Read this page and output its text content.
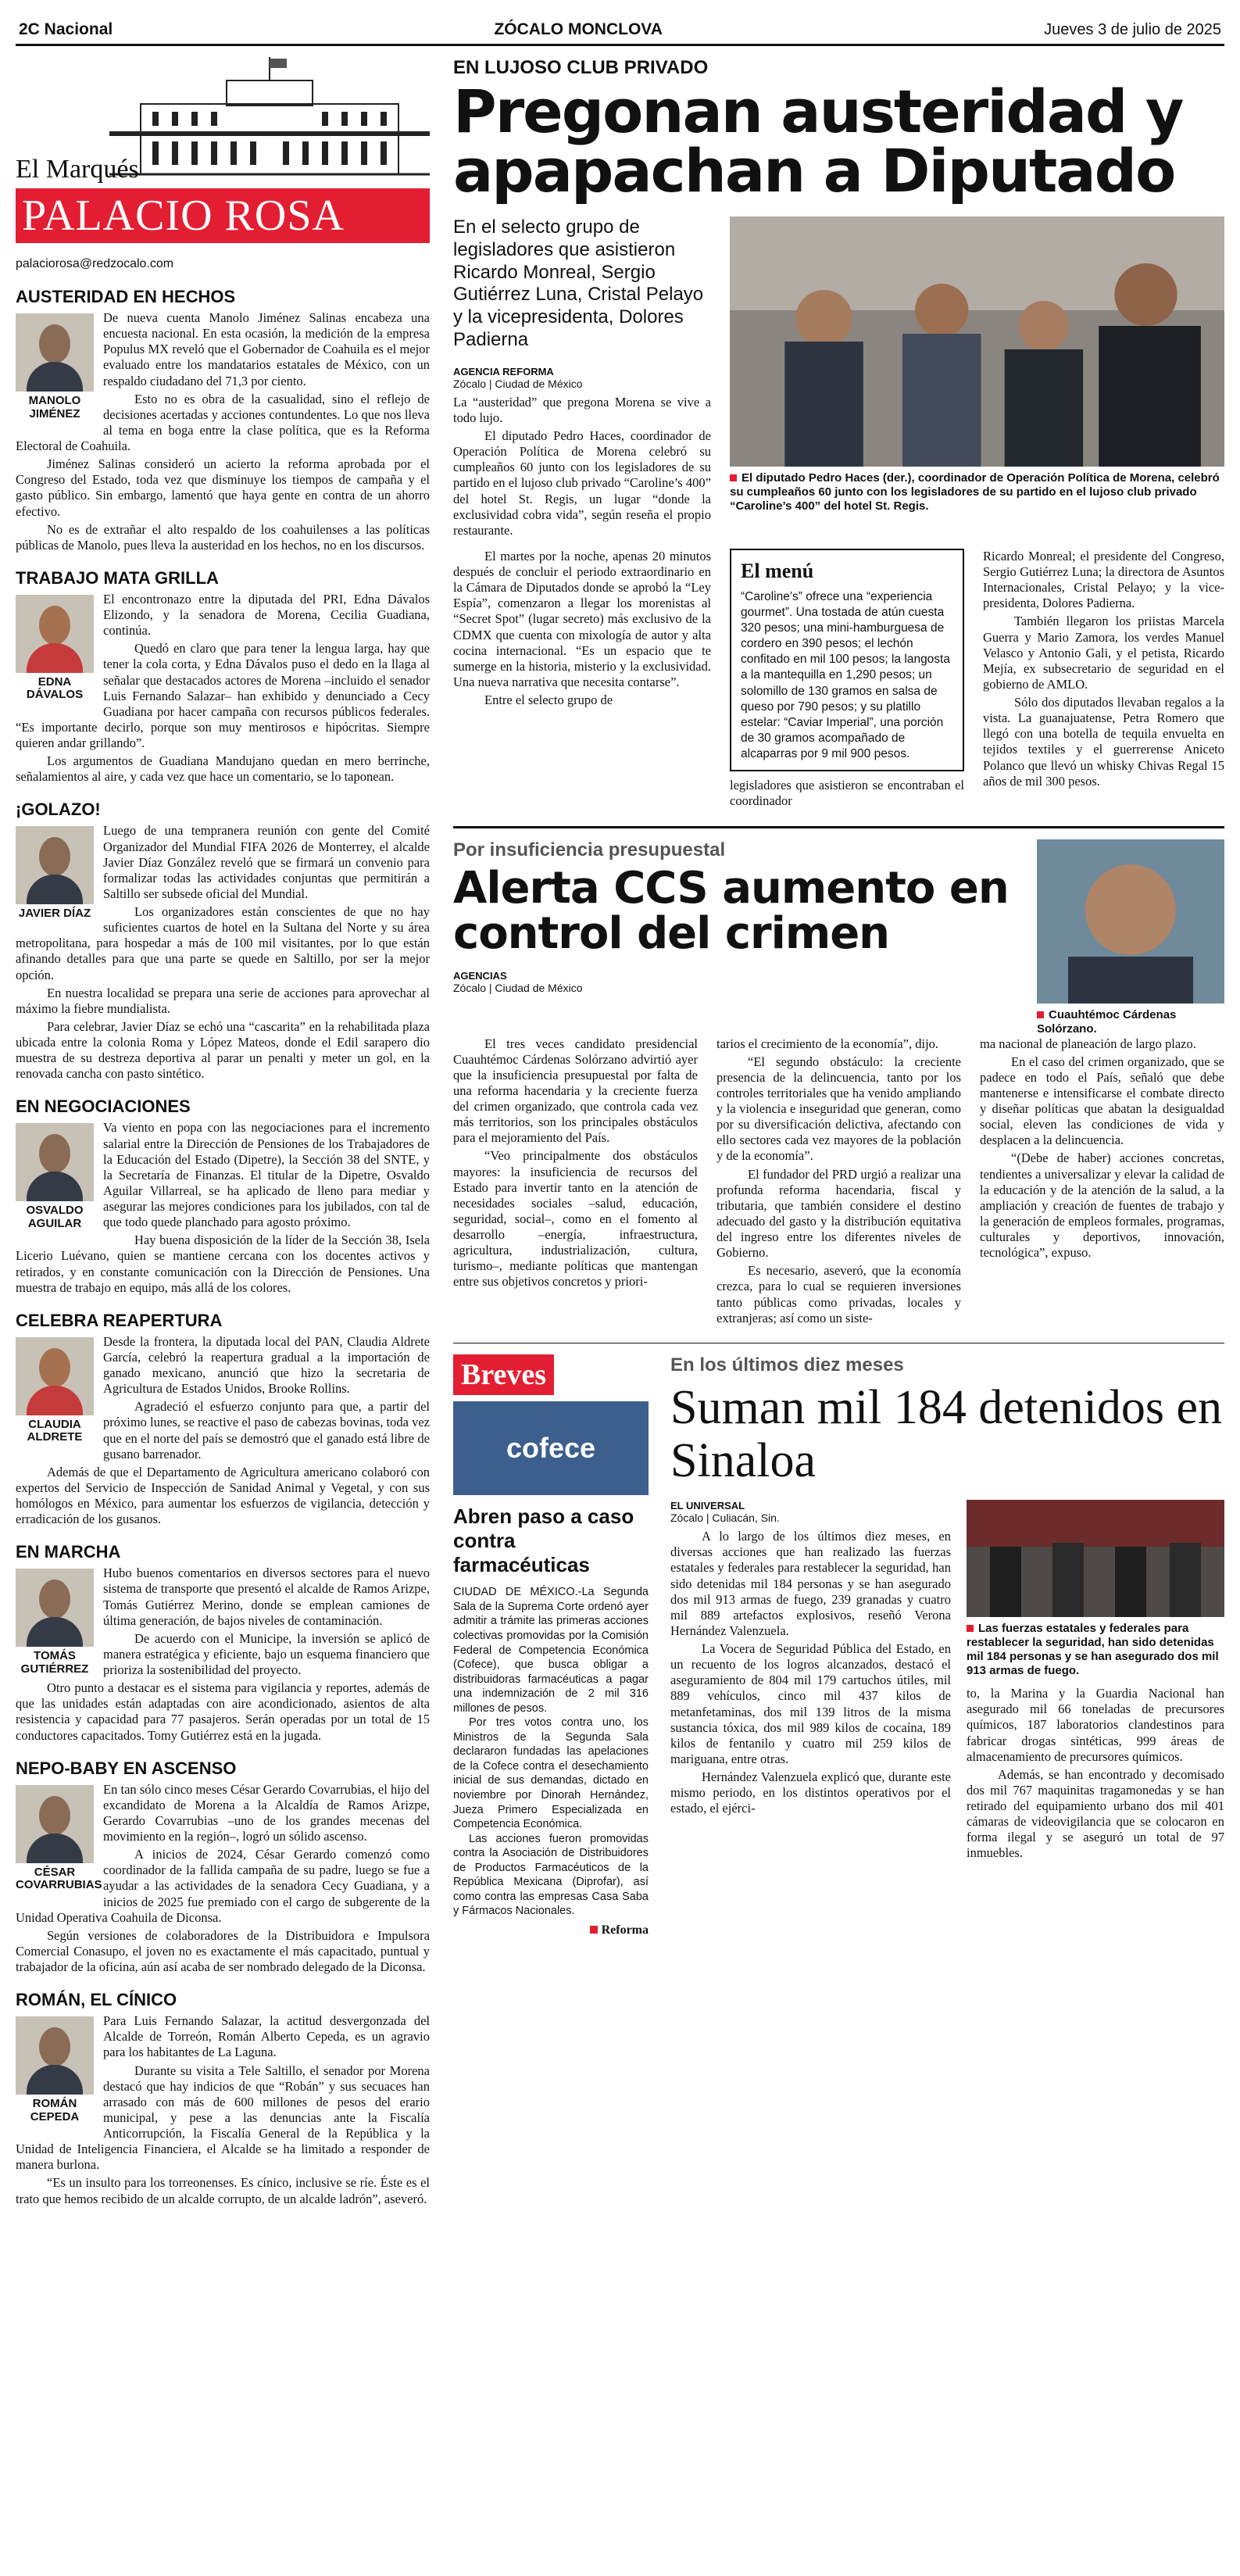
2C Nacional	ZÓCALO MONCLOVA	Jueves 3 de julio de 2025
El Marqués
PALACIO ROSA
palaciorosa@redzocalo.com
AUSTERIDAD EN HECHOS
MANOLO JIMÉNEZ

De nueva cuenta Manolo Jiménez Salinas encabeza una encuesta nacional. En esta ocasión, la medición de la empresa Populus MX reveló que el Gobernador de Coahuila es el mejor evaluado entre los mandatarios estatales de México, con un respaldo ciudadano del 71,3 por ciento.

Esto no es obra de la casualidad, sino el reflejo de decisiones acertadas y acciones contundentes. Lo que nos lleva al tema en boga entre la clase política, que es la Reforma Electoral de Coahuila.

Jiménez Salinas consideró un acierto la reforma aprobada por el Congreso del Estado, toda vez que disminuye los tiempos de campaña y el gasto público. Sin embargo, lamentó que haya gente en contra de un ahorro efectivo.

No es de extrañar el alto respaldo de los coahuilenses a las políticas públicas de Manolo, pues lleva la austeridad en los hechos, no en los discursos.

TRABAJO MATA GRILLA
EDNA DÁVALOS

El encontronazo entre la diputada del PRI, Edna Dávalos Elizondo, y la senadora de Morena, Cecilia Guadiana, continúa.

Quedó en claro que para tener la lengua larga, hay que tener la cola corta, y Edna Dávalos puso el dedo en la llaga al señalar que destacados actores de Morena –incluido el senador Luis Fernando Salazar– han exhibido y denunciado a Cecy Guadiana por hacer campaña con recursos públicos federales. “Es importante decirlo, porque son muy mentirosos e hipócritas. Siempre quieren andar grillando”.

Los argumentos de Guadiana Mandujano quedan en mero berrinche, señalamientos al aire, y cada vez que hace un comentario, se lo taponean.

¡GOLAZO!
JAVIER DÍAZ

Luego de una tempranera reunión con gente del Comité Organizador del Mundial FIFA 2026 de Monterrey, el alcalde Javier Díaz González reveló que se firmará un convenio para formalizar todas las actividades conjuntas que permitirán a Saltillo ser subsede oficial del Mundial.

Los organizadores están conscientes de que no hay suficientes cuartos de hotel en la Sultana del Norte y su área metropolitana, para hospedar a más de 100 mil visitantes, por lo que están afinando detalles para que una parte se quede en Saltillo, por ser la mejor opción.

En nuestra localidad se prepara una serie de acciones para aprovechar al máximo la fiebre mundialista.

Para celebrar, Javier Díaz se echó una “cascarita” en la rehabilitada plaza ubicada entre la colonia Roma y López Mateos, donde el Edil sarapero dio muestra de su destreza deportiva al parar un penalti y meter un gol, en la renovada cancha con pasto sintético.

EN NEGOCIACIONES
OSVALDO AGUILAR

Va viento en popa con las negociaciones para el incremento salarial entre la Dirección de Pensiones de los Trabajadores de la Educación del Estado (Dipetre), la Sección 38 del SNTE, y la Secretaría de Finanzas. El titular de la Dipetre, Osvaldo Aguilar Villarreal, se ha aplicado de lleno para mediar y asegurar las mejores condiciones para los jubilados, con tal de que todo quede planchado para agosto próximo.

Hay buena disposición de la líder de la Sección 38, Isela Licerio Luévano, quien se mantiene cercana con los docentes activos y retirados, y en constante comunicación con la Dirección de Pensiones. Una muestra de trabajo en equipo, más allá de los colores.

CELEBRA REAPERTURA
CLAUDIA ALDRETE

Desde la frontera, la diputada local del PAN, Claudia Aldrete García, celebró la reapertura gradual a la importación de ganado mexicano, anunció que hizo la secretaria de Agricultura de Estados Unidos, Brooke Rollins.

Agradeció el esfuerzo conjunto para que, a partir del próximo lunes, se reactive el paso de cabezas bovinas, toda vez que en el norte del país se demostró que el ganado está libre de gusano barrenador.

Además de que el Departamento de Agricultura americano colaboró con expertos del Servicio de Inspección de Sanidad Animal y Vegetal, y con sus homólogos en México, para aumentar los esfuerzos de vigilancia, detección y erradicación de los gusanos.

EN MARCHA
TOMÁS GUTIÉRREZ

Hubo buenos comentarios en diversos sectores para el nuevo sistema de transporte que presentó el alcalde de Ramos Arizpe, Tomás Gutiérrez Merino, donde se emplean camiones de última generación, de bajos niveles de contaminación.

De acuerdo con el Municipe, la inversión se aplicó de manera estratégica y eficiente, bajo un esquema financiero que prioriza la sostenibilidad del proyecto.

Otro punto a destacar es el sistema para vigilancia y reportes, además de que las unidades están adaptadas con aire acondicionado, asientos de alta resistencia y capacidad para 77 pasajeros. Serán operadas por un total de 15 conductores capacitados. Tomy Gutiérrez está en la jugada.

NEPO-BABY EN ASCENSO
CÉSAR COVARRUBIAS

En tan sólo cinco meses César Gerardo Covarrubias, el hijo del excandidato de Morena a la Alcaldía de Ramos Arizpe, Gerardo Covarrubias –uno de los grandes mecenas del movimiento en la región–, logró un sólido ascenso.

A inicios de 2024, César Gerardo comenzó como coordinador de la fallida campaña de su padre, luego se fue a ayudar a las actividades de la senadora Cecy Guadiana, y a inicios de 2025 fue premiado con el cargo de subgerente de la Unidad Operativa Coahuila de Diconsa.

Según versiones de colaboradores de la Distribuidora e Impulsora Comercial Conasupo, el joven no es exactamente el más capacitado, puntual y trabajador de la oficina, aún así acaba de ser nombrado delegado de la Diconsa.

ROMÁN, EL CÍNICO
ROMÁN CEPEDA

Para Luis Fernando Salazar, la actitud desvergonzada del Alcalde de Torreón, Román Alberto Cepeda, es un agravio para los habitantes de La Laguna.

Durante su visita a Tele Saltillo, el senador por Morena destacó que hay indicios de que “Robán” y sus secuaces han arrasado con más de 600 millones de pesos del erario municipal, y pese a las denuncias ante la Fiscalía Anticorrupción, la Fiscalía General de la República y la Unidad de Inteligencia Financiera, el Alcalde se ha limitado a responder de manera burlona.

“Es un insulto para los torreonenses. Es cínico, inclusive se ríe. Éste es el trato que hemos recibido de un alcalde corrupto, de un alcalde ladrón”, aseveró.

EN LUJOSO CLUB PRIVADO
Pregonan austeridad y apapachan a Diputado
En el selecto grupo de legisladores que asistieron Ricardo Monreal, Sergio Gutiérrez Luna, Cristal Pelayo y la vicepresidenta, Dolores Padierna
AGENCIA REFORMA
Zócalo | Ciudad de México

La “austeridad” que pregona Morena se vive a todo lujo.

El diputado Pedro Haces, coordinador de Operación Política de Morena celebró su cumpleaños 60 junto con los legisladores de su partido en el lujoso club privado “Caroline’s 400” del hotel St. Regis, un lugar “donde la exclusividad cobra vida”, según reseña el propio restaurante.

El diputado Pedro Haces (der.), coordinador de Operación Política de Morena, celebró su cumpleaños 60 junto con los legisladores de su partido en el lujoso club privado “Caroline’s 400” del hotel St. Regis.

El martes por la noche, apenas 20 minutos después de concluir el periodo extraordinario en la Cámara de Diputados donde se aprobó la “Ley Espía”, comenzaron a llegar los morenistas al “Secret Spot” (lugar secreto) más exclusivo de la CDMX que cuenta con mixología de autor y alta cocina internacional. “Es un espacio que te sumerge en la historia, misterio y la exclusividad. Una nueva narrativa que necesita contarse”.

Entre el selecto grupo de

El menú
“Caroline’s” ofrece una “experiencia gourmet”. Una tostada de atún cuesta 320 pesos; una mini-hamburguesa de cordero en 390 pesos; el lechón confitado en mil 100 pesos; la langosta a la mantequilla en 1,290 pesos; un solomillo de 130 gramos en salsa de queso por 790 pesos; y su platillo estelar: “Caviar Imperial”, una porción de 30 gramos acompañado de alcaparras por 9 mil 900 pesos.

legisladores que asistieron se encontraban el coordinador

Ricardo Monreal; el presidente del Congreso, Sergio Gutiérrez Luna; la directora de Asuntos Internacionales, Cristal Pelayo; y la vice-presidenta, Dolores Padierna.

También llegaron los priistas Marcela Guerra y Mario Zamora, los verdes Manuel Velasco y Antonio Gali, y el petista, Ricardo Mejía, ex subsecretario de seguridad en el gobierno de AMLO.

Sólo dos diputados llevaban regalos a la vista. La guanajuatense, Petra Romero que llegó con una botella de tequila envuelta en tejidos textiles y el guerrerense Aniceto Polanco que llevó un whisky Chivas Regal 15 años de mil 300 pesos.

Por insuficiencia presupuestal
Alerta CCS aumento en control del crimen
AGENCIAS
Zócalo | Ciudad de México
Cuauhtémoc Cárdenas Solórzano.

El tres veces candidato presidencial Cuauhtémoc Cárdenas Solórzano advirtió ayer que la insuficiencia presupuestal por falta de una reforma hacendaria y la creciente fuerza del crimen organizado, que controla cada vez más territorios, son los principales obstáculos para el mejoramiento del País.

“Veo principalmente dos obstáculos mayores: la insuficiencia de recursos del Estado para invertir tanto en la atención de necesidades sociales –salud, educación, seguridad, social–, como en el fomento al desarrollo –energía, infraestructura, agricultura, industrialización, cultura, turismo–, mediante políticas que mantengan entre sus objetivos concretos y priori-

tarios el crecimiento de la economía”, dijo.

“El segundo obstáculo: la creciente presencia de la delincuencia, tanto por los controles territoriales que ha venido ampliando y la violencia e inseguridad que generan, como por su diversificación delictiva, afectando con ello sectores cada vez mayores de la población y de la economía”.

El fundador del PRD urgió a realizar una profunda reforma hacendaria, fiscal y tributaria, que también considere el destino adecuado del gasto y la distribución equitativa del ingreso entre los diferentes niveles de Gobierno.

Es necesario, aseveró, que la economía crezca, para lo cual se requieren inversiones tanto públicas como privadas, locales y extranjeras; así como un siste-

ma nacional de planeación de largo plazo.

En el caso del crimen organizado, que se padece en todo el País, señaló que debe mantenerse e intensificarse el combate directo y diseñar políticas que abatan la desigualdad social, eleven las condiciones de vida y desplacen a la delincuencia.

“(Debe de haber) acciones concretas, tendientes a universalizar y elevar la calidad de la educación y de la atención de la salud, a la ampliación y creación de fuentes de trabajo y la generación de empleos formales, programas, culturales y deportivos, innovación, tecnológica”, expuso.

Breves
cofece
Abren paso a caso contra farmacéuticas
CIUDAD DE MÉXICO.-La Segunda Sala de la Suprema Corte ordenó ayer admitir a trámite las primeras acciones colectivas promovidas por la Comisión Federal de Competencia Económica (Cofece), que busca obligar a distribuidoras farmacéuticas a pagar una indemnización de 2 mil 316 millones de pesos.
Por tres votos contra uno, los Ministros de la Segunda Sala declararon fundadas las apelaciones de la Cofece contra el desechamiento inicial de sus demandas, dictado en noviembre por Dinorah Hernández, Jueza Primero Especializada en Competencia Económica.
Las acciones fueron promovidas contra la Asociación de Distribuidores de Productos Farmacéuticos de la República Mexicana (Diprofar), así como contra las empresas Casa Saba y Fármacos Nacionales.
Reforma
En los últimos diez meses
Suman mil 184 detenidos en Sinaloa
EL UNIVERSAL
Zócalo | Culiacán, Sin.

A lo largo de los últimos diez meses, en diversas acciones que han realizado las fuerzas estatales y federales para restablecer la seguridad, han sido detenidas mil 184 personas y se han asegurado dos mil 913 armas de fuego, 239 granadas y cuatro mil 889 artefactos explosivos, reseñó Verona Hernández Valenzuela.

La Vocera de Seguridad Pública del Estado, en un recuento de los logros alcanzados, destacó el aseguramiento de 804 mil 179 cartuchos útiles, mil 889 vehículos, cinco mil 437 kilos de metanfetaminas, dos mil 139 litros de la misma sustancia tóxica, dos mil 989 kilos de cocaína, 189 kilos de fentanilo y cuatro mil 259 kilos de mariguana, entre otras.

Hernández Valenzuela explicó que, durante este mismo periodo, en los distintos operativos por el estado, el ejérci-

Las fuerzas estatales y federales para restablecer la seguridad, han sido detenidas mil 184 personas y se han asegurado dos mil 913 armas de fuego.

to, la Marina y la Guardia Nacional han asegurado mil 66 toneladas de precursores químicos, 187 laboratorios clandestinos para fabricar drogas sintéticas, 999 áreas de almacenamiento de precursores químicos.

Además, se han encontrado y decomisado dos mil 767 maquinitas tragamonedas y se han retirado del equipamiento urbano dos mil 401 cámaras de videovigilancia que se colocaron en forma ilegal y se aseguró un total de 97 inmuebles.
